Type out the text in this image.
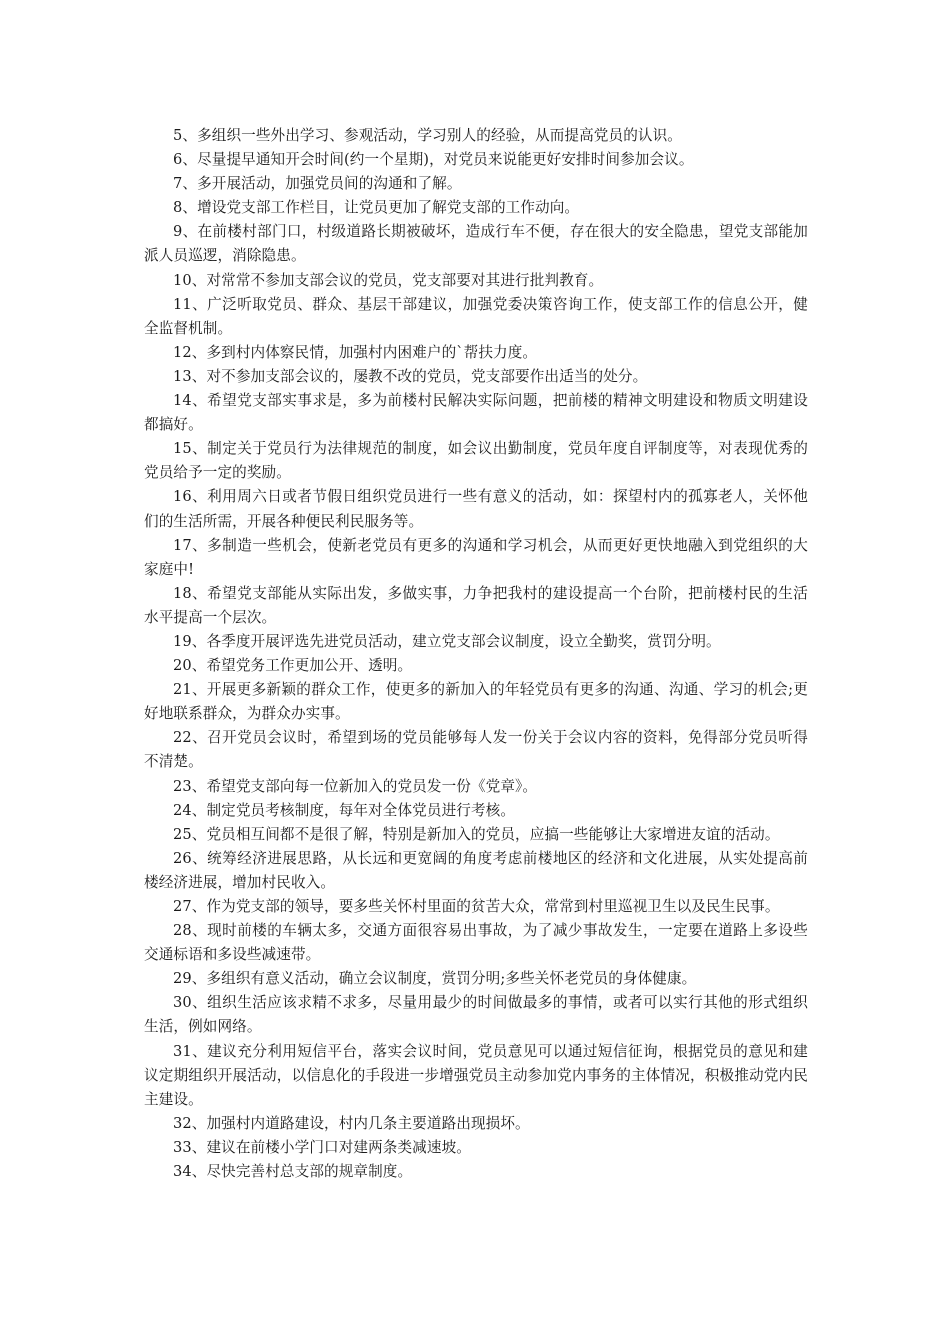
5、多组织一些外出学习、参观活动，学习别人的经验，从而提高党员的认识。

6、尽量提早通知开会时间(约一个星期)，对党员来说能更好安排时间参加会议。

7、多开展活动，加强党员间的沟通和了解。

8、增设党支部工作栏目，让党员更加了解党支部的工作动向。

9、在前楼村部门口，村级道路长期被破坏，造成行车不便，存在很大的安全隐患，望党支部能加派人员巡逻，消除隐患。

10、对常常不参加支部会议的党员，党支部要对其进行批判教育。

11、广泛听取党员、群众、基层干部建议，加强党委决策咨询工作，使支部工作的信息公开，健全监督机制。

12、多到村内体察民情，加强村内困难户的`帮扶力度。

13、对不参加支部会议的，屡教不改的党员，党支部要作出适当的处分。

14、希望党支部实事求是，多为前楼村民解决实际问题，把前楼的精神文明建设和物质文明建设都搞好。

15、制定关于党员行为法律规范的制度，如会议出勤制度，党员年度自评制度等，对表现优秀的党员给予一定的奖励。

16、利用周六日或者节假日组织党员进行一些有意义的活动，如：探望村内的孤寡老人，关怀他们的生活所需，开展各种便民利民服务等。

17、多制造一些机会，使新老党员有更多的沟通和学习机会，从而更好更快地融入到党组织的大家庭中!

18、希望党支部能从实际出发，多做实事，力争把我村的建设提高一个台阶，把前楼村民的生活水平提高一个层次。

19、各季度开展评选先进党员活动，建立党支部会议制度，设立全勤奖，赏罚分明。

20、希望党务工作更加公开、透明。

21、开展更多新颖的群众工作，使更多的新加入的年轻党员有更多的沟通、沟通、学习的机会;更好地联系群众，为群众办实事。

22、召开党员会议时，希望到场的党员能够每人发一份关于会议内容的资料，免得部分党员听得不清楚。

23、希望党支部向每一位新加入的党员发一份《党章》。

24、制定党员考核制度，每年对全体党员进行考核。

25、党员相互间都不是很了解，特别是新加入的党员，应搞一些能够让大家增进友谊的活动。

26、统筹经济进展思路，从长远和更宽阔的角度考虑前楼地区的经济和文化进展，从实处提高前楼经济进展，增加村民收入。

27、作为党支部的领导，要多些关怀村里面的贫苦大众，常常到村里巡视卫生以及民生民事。

28、现时前楼的车辆太多，交通方面很容易出事故，为了减少事故发生，一定要在道路上多设些交通标语和多设些减速带。

29、多组织有意义活动，确立会议制度，赏罚分明;多些关怀老党员的身体健康。

30、组织生活应该求精不求多，尽量用最少的时间做最多的事情，或者可以实行其他的形式组织生活，例如网络。

31、建议充分利用短信平台，落实会议时间，党员意见可以通过短信征询，根据党员的意见和建议定期组织开展活动，以信息化的手段进一步增强党员主动参加党内事务的主体情况，积极推动党内民主建设。

32、加强村内道路建设，村内几条主要道路出现损坏。

33、建议在前楼小学门口对建两条类减速坡。

34、尽快完善村总支部的规章制度。
